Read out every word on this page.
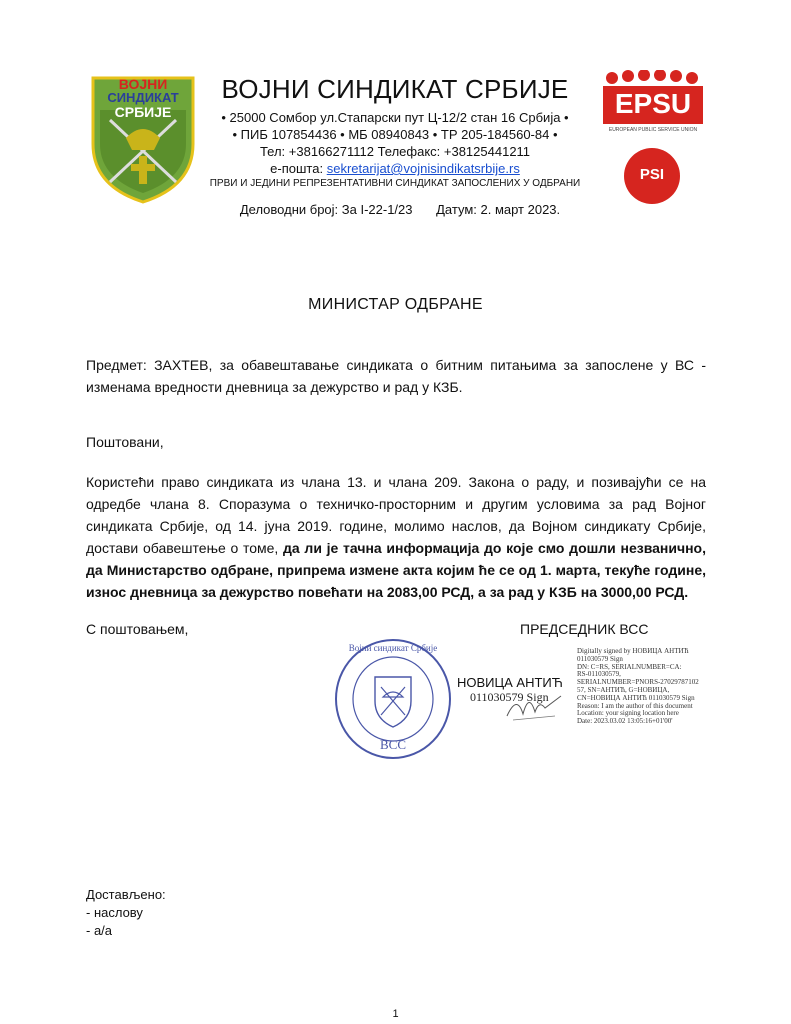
ВОЈНИ
СИНДИКАТ
СРБИЈЕ
ВОЈНИ СИНДИКАТ СРБИЈЕ
• 25000 Сомбор ул.Стапарски пут Ц-12/2 стан 16 Србија •
• ПИБ 107854436 • МБ 08940843 • ТР 205-184560-84 •
Тел: +38166271112 Телефакс: +38125441211
е-пошта: sekretarijat@vojnisindikatsrbije.rs
ПРВИ И ЈЕДИНИ РЕПРЕЗЕНТАТИВНИ СИНДИКАТ ЗАПОСЛЕНИХ У ОДБРАНИ
EPSU
EUROPEAN PUBLIC SERVICE UNION
PSI
Деловодни број: За I-22-1/23 Датум: 2. март 2023.
МИНИСТАР ОДБРАНЕ
Предмет: ЗАХТЕВ, за обавештавање синдиката о битним питањима за запослене у ВС - изменама вредности дневница за дежурство и рад у КЗБ.
Поштовани,
Користећи право синдиката из члана 13. и члана 209. Закона о раду, и позивајући се на одредбе члана 8. Споразума о техничко-просторним и другим условима за рад Војног синдиката Србије, од 14. јуна 2019. године, молимо наслов, да Војном синдикату Србије, достави обавештење о томе, да ли је тачна информација до које смо дошли незванично, да Министарство одбране, припрема измене акта којим ће се од 1. марта, текуће године, износ дневница за дежурство повећати на 2083,00 РСД, а за рад у КЗБ на 3000,00 РСД.
С поштовањем,	ПРЕДСЕДНИК ВСС
Војни синдикат Србије
ВСС
НОВИЦА АНТИЋ
011030579 Sign
Digitally signed by НОВИЦА АНТИЋ
011030579 Sign
DN: C=RS, SERIALNUMBER=CA:
RS-011030579,
SERIALNUMBER=PNORS-27029787102
57, SN=АНТИЋ, G=НОВИЦА,
CN=НОВИЦА АНТИЋ 011030579 Sign
Reason: I am the author of this document
Location: your signing location here
Date: 2023.03.02 13:05:16+01'00'
Достављено:
- наслову
- а/а
1
